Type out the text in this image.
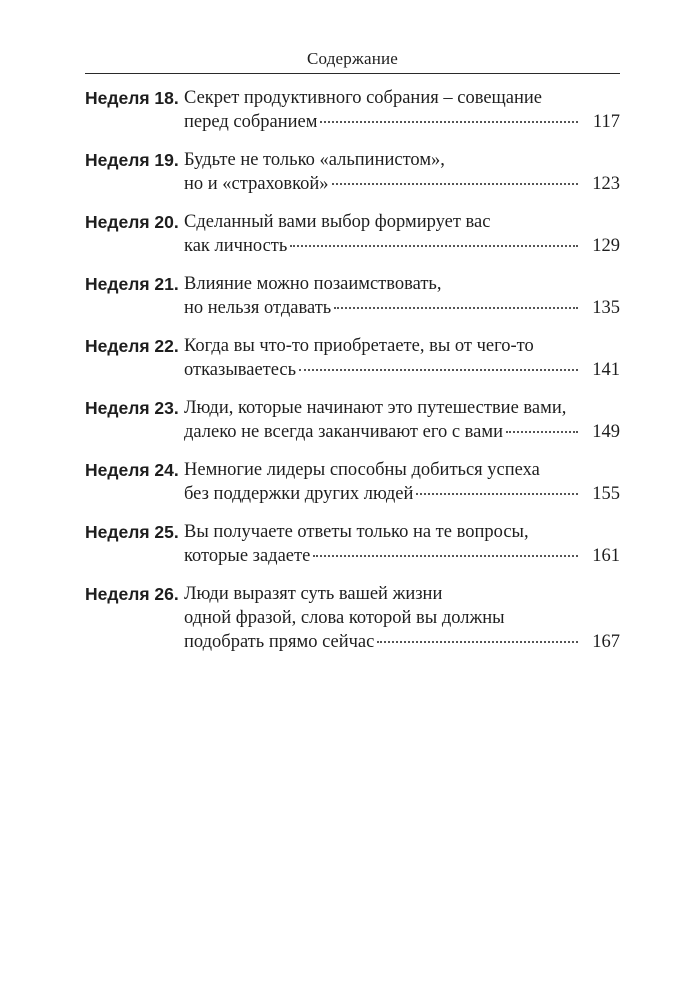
Содержание
Неделя 18. Секрет продуктивного собрания – совещание
перед собранием	117
Неделя 19. Будьте не только «альпинистом»,
но и «страховкой»	123
Неделя 20. Сделанный вами выбор формирует вас
как личность	129
Неделя 21. Влияние можно позаимствовать,
но нельзя отдавать	135
Неделя 22. Когда вы что-то приобретаете, вы от чего-то
отказываетесь	141
Неделя 23. Люди, которые начинают это путешествие вами,
далеко не всегда заканчивают его с вами	149
Неделя 24. Немногие лидеры способны добиться успеха
без поддержки других людей	155
Неделя 25. Вы получаете ответы только на те вопросы,
которые задаете	161
Неделя 26. Люди выразят суть вашей жизни
одной фразой, слова которой вы должны
подобрать прямо сейчас	167
